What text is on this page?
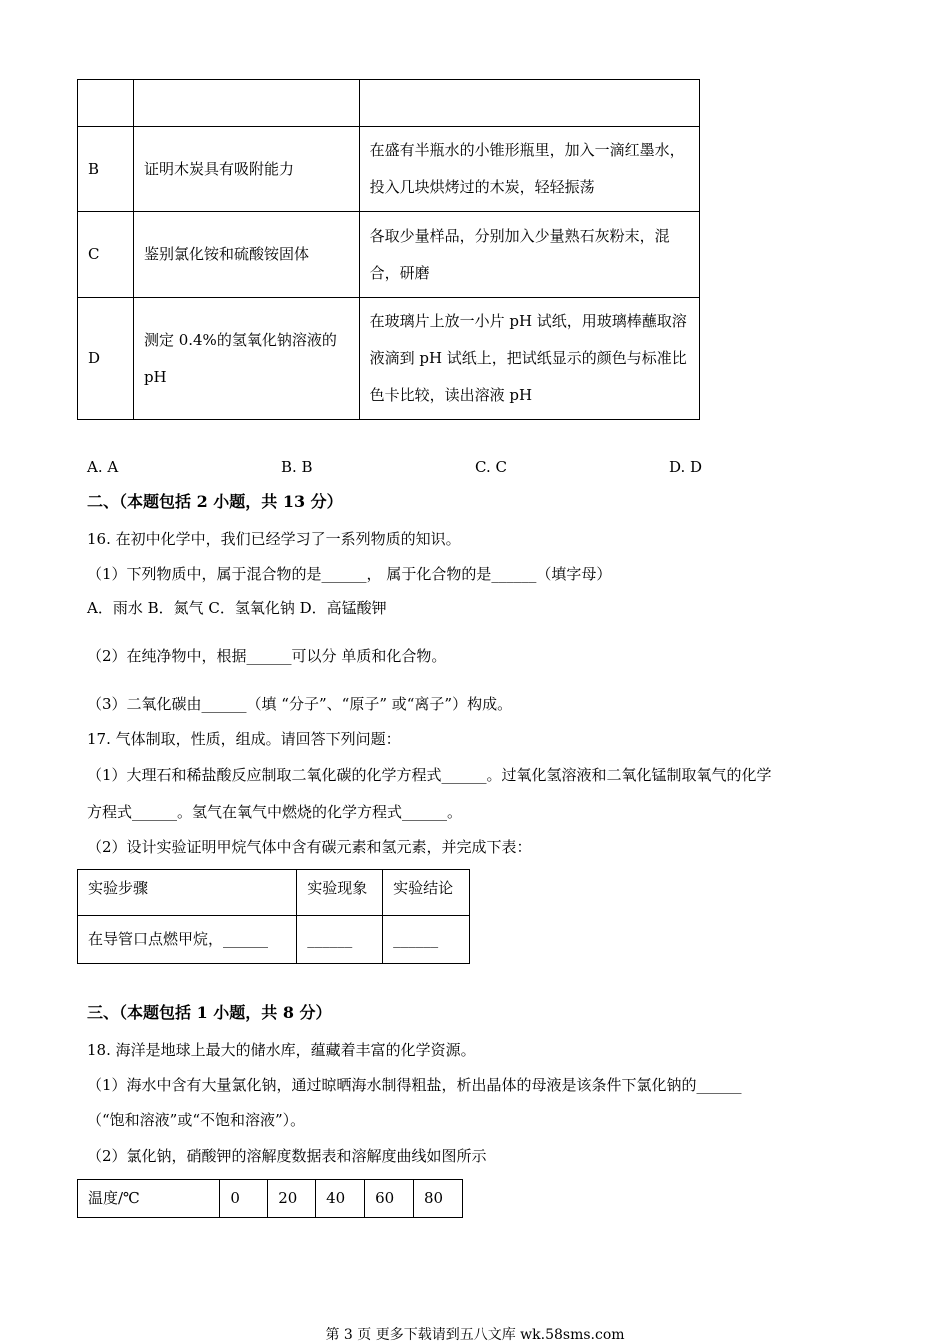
B	证明木炭具有吸附能力	在盛有半瓶水的小锥形瓶里，加入一滴红墨水，投入几块烘烤过的木炭，轻轻振荡
C	鉴别氯化铵和硫酸铵固体	各取少量样品，分别加入少量熟石灰粉末，混合，研磨
D	测定 0.4%的氢氧化钠溶液的 pH	在玻璃片上放一小片 pH 试纸，用玻璃棒蘸取溶液滴到 pH 试纸上，把试纸显示的颜色与标准比色卡比较，读出溶液 pH
A. A	B. B	C. C	D. D
二、（本题包括 2 小题，共 13 分）
16. 在初中化学中，我们已经学习了一系列物质的知识。
（1）下列物质中，属于混合物的是______， 属于化合物的是______（填字母）
A．雨水 B．氮气 C．氢氧化钠 D．高锰酸钾
（2）在纯净物中，根据______可以分 单质和化合物。
（3）二氧化碳由______（填 “分子”、“原子” 或“离子”）构成。
17. 气体制取，性质，组成。请回答下列问题：
（1）大理石和稀盐酸反应制取二氧化碳的化学方程式______。过氧化氢溶液和二氧化锰制取氧气的化学
方程式______。氢气在氧气中燃烧的化学方程式______。
（2）设计实验证明甲烷气体中含有碳元素和氢元素，并完成下表：
实验步骤	实验现象	实验结论
在导管口点燃甲烷，______	______	______
三、（本题包括 1 小题，共 8 分）
18. 海洋是地球上最大的储水库，蕴藏着丰富的化学资源。
（1）海水中含有大量氯化钠，通过晾晒海水制得粗盐，析出晶体的母液是该条件下氯化钠的______
（“饱和溶液”或“不饱和溶液”）。
（2）氯化钠，硝酸钾的溶解度数据表和溶解度曲线如图所示
温度/℃	0	20	40	60	80
第 3 页 更多下载请到五八文库 wk.58sms.com
